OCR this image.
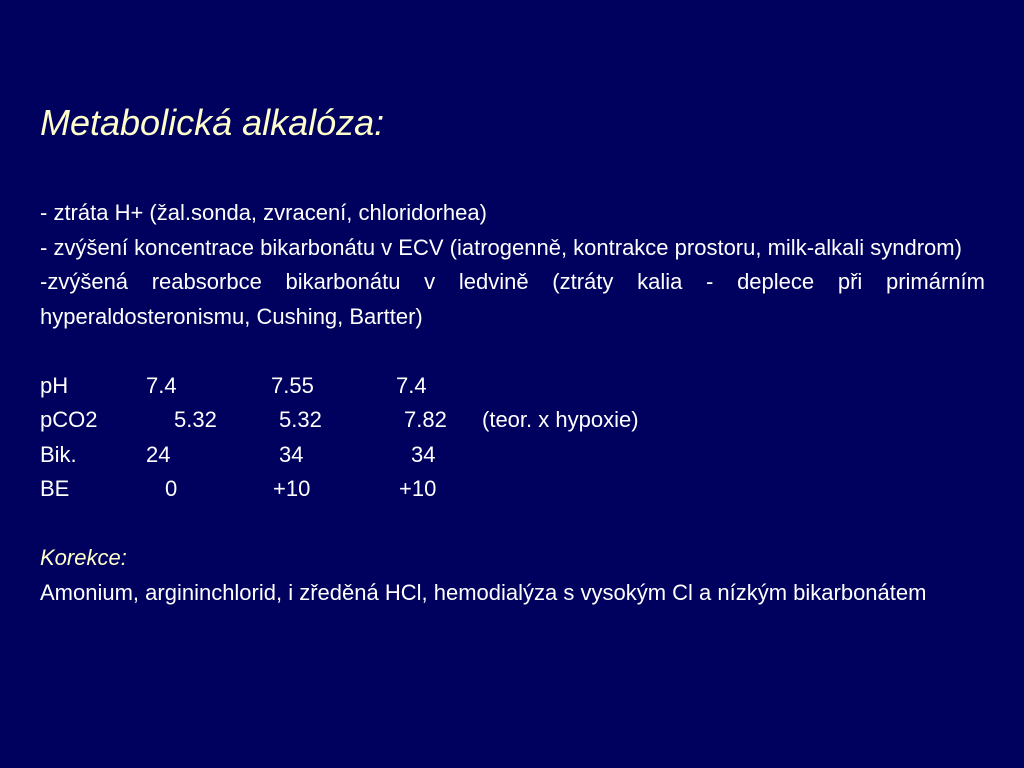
Metabolická alkalóza:

- ztráta H+ (žal.sonda, zvracení, chloridorhea)

- zvýšení koncentrace bikarbonátu v ECV (iatrogenně, kontrakce prostoru, milk-alkali syndrom)

-zvýšená reabsorbce bikarbonátu v ledvině (ztráty kalia - deplece při primárním hyperaldosteronismu, Cushing, Bartter)

pH	7.4	7.55	7.4	
pCO2	5.32	5.32	7.82	(teor. x hypoxie)
Bik.	24	34	34	
BE	0	+10	+10	

Korekce:

Amonium, argininchlorid, i zředěná HCl, hemodialýza s vysokým Cl a nízkým bikarbonátem
